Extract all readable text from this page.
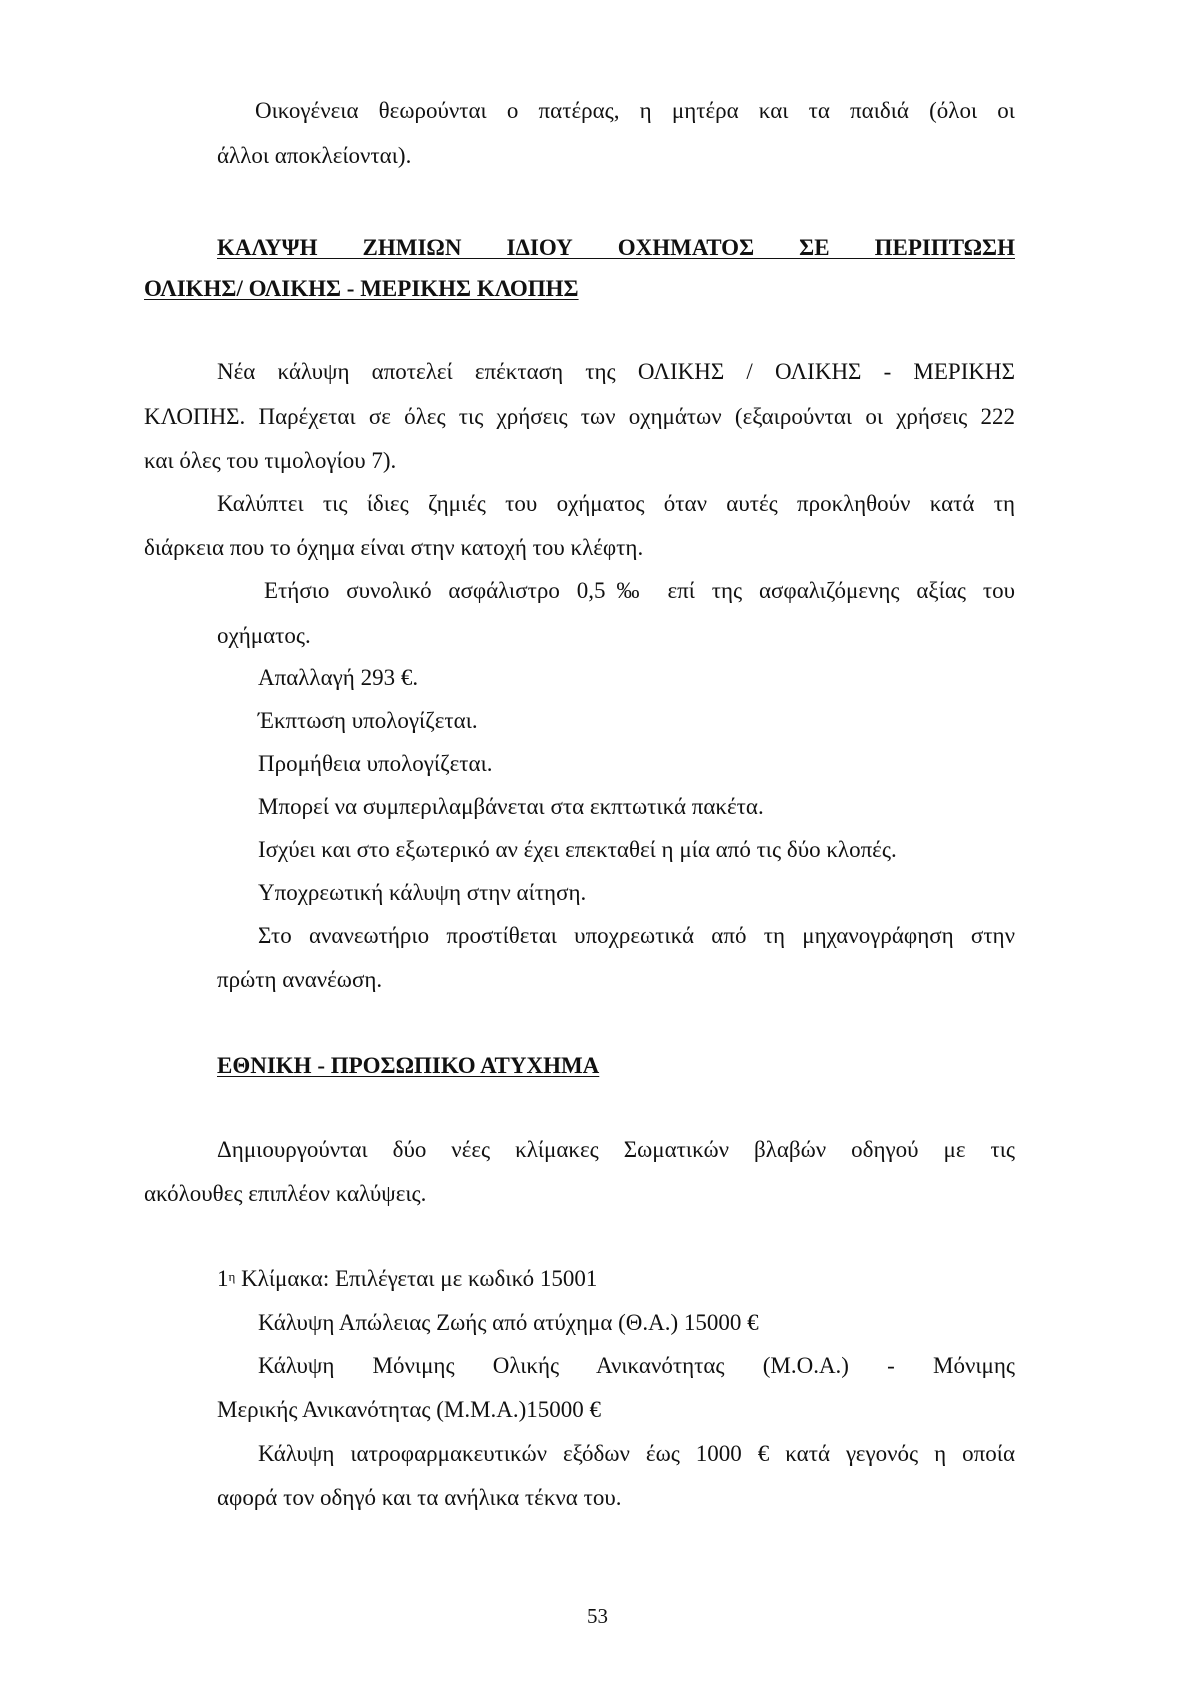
Οικογένεια θεωρούνται ο πατέρας, η μητέρα και τα παιδιά (όλοι οι
άλλοι αποκλείονται).
ΚΑΛΥΨΗ ΖΗΜΙΩΝ ΙΔΙΟΥ ΟΧΗΜΑΤΟΣ ΣΕ ΠΕΡΙΠΤΩΣΗ
ΟΛΙΚΗΣ/ ΟΛΙΚΗΣ - ΜΕΡΙΚΗΣ ΚΛΟΠΗΣ
Νέα κάλυψη αποτελεί επέκταση της ΟΛΙΚΗΣ / ΟΛΙΚΗΣ - ΜΕΡΙΚΗΣ
ΚΛΟΠΗΣ. Παρέχεται σε όλες τις χρήσεις των οχημάτων (εξαιρούνται οι χρήσεις 222
και όλες του τιμολογίου 7).
Καλύπτει τις ίδιες ζημιές του οχήματος όταν αυτές προκληθούν κατά τη
διάρκεια που το όχημα είναι στην κατοχή του κλέφτη.
Ετήσιο συνολικό ασφάλιστρο 0,5‰ επί της ασφαλιζόμενης αξίας του
οχήματος.
Απαλλαγή 293 €.
Έκπτωση υπολογίζεται.
Προμήθεια υπολογίζεται.
Μπορεί να συμπεριλαμβάνεται στα εκπτωτικά πακέτα.
Ισχύει και στο εξωτερικό αν έχει επεκταθεί η μία από τις δύο κλοπές.
Υποχρεωτική κάλυψη στην αίτηση.
Στο ανανεωτήριο προστίθεται υποχρεωτικά από τη μηχανογράφηση στην
πρώτη ανανέωση.
ΕΘΝΙΚΗ - ΠΡΟΣΩΠΙΚΟ ΑΤΥΧΗΜΑ
Δημιουργούνται δύο νέες κλίμακες Σωματικών βλαβών οδηγού με τις
ακόλουθες επιπλέον καλύψεις.
$1^\eta$ Κλίμακα: Επιλέγεται με κωδικό 15001
Κάλυψη Απώλειας Ζωής από ατύχημα (Θ.Α.) 15000 €
Κάλυψη Μόνιμης Ολικής Ανικανότητας (Μ.Ο.Α.) - Μόνιμης
Μερικής Ανικανότητας (Μ.Μ.Α.)15000 €
Κάλυψη ιατροφαρμακευτικών εξόδων έως 1000 € κατά γεγονός η οποία
αφορά τον οδηγό και τα ανήλικα τέκνα του.
53
